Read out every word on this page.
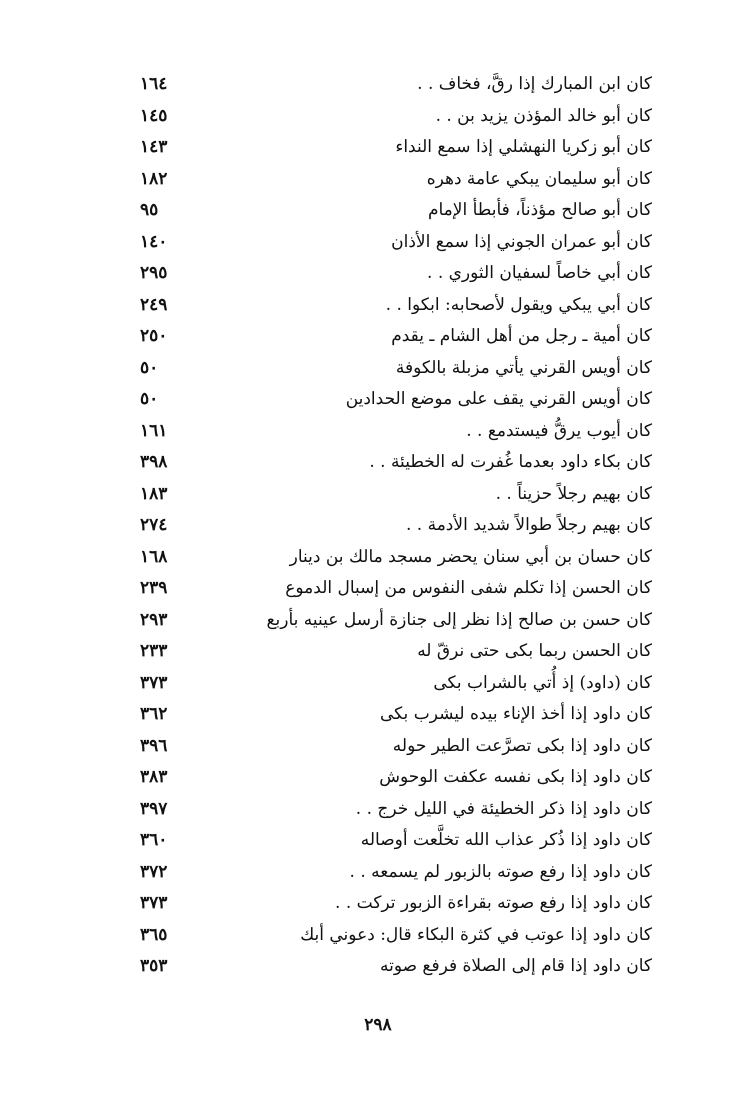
كان ابن المبارك إذا رقَّ، فخاف . .
١٦٤
كان أبو خالد المؤذن يزيد بن . .
١٤٥
كان أبو زكريا النهشلي إذا سمع النداء
١٤٣
كان أبو سليمان يبكي عامة دهره
١٨٢
كان أبو صالح مؤذناً، فأبطأ الإمام
٩٥
كان أبو عمران الجوني إذا سمع الأذان
١٤٠
كان أبي خاصاً لسفيان الثوري . .
٢٩٥
كان أبي يبكي ويقول لأصحابه: ابكوا . .
٢٤٩
كان أمية ـ رجل من أهل الشام ـ يقدم
٢٥٠
كان أويس القرني يأتي مزبلة بالكوفة
٥٠
كان أويس القرني يقف على موضع الحدادين
٥٠
كان أيوب يرقُّ فيستدمع . .
١٦١
كان بكاء داود بعدما غُفرت له الخطيئة . .
٣٩٨
كان بهيم رجلاً حزيناً . .
١٨٣
كان بهيم رجلاً طوالاً شديد الأدمة . .
٢٧٤
كان حسان بن أبي سنان يحضر مسجد مالك بن دينار
١٦٨
كان الحسن إذا تكلم شفى النفوس من إسبال الدموع
٢٣٩
كان حسن بن صالح إذا نظر إلى جنازة أرسل عينيه بأربع
٢٩٣
كان الحسن ربما بكى حتى نرقّ له
٢٣٣
كان (داود) إذ أُتي بالشراب بكى
٣٧٣
كان داود إذا أخذ الإناء بيده ليشرب بكى
٣٦٢
كان داود إذا بكى تصرَّعت الطير حوله
٣٩٦
كان داود إذا بكى نفسه عكفت الوحوش
٣٨٣
كان داود إذا ذكر الخطيئة في الليل خرج . .
٣٩٧
كان داود إذا ذُكر عذاب الله تخلَّعت أوصاله
٣٦٠
كان داود إذا رفع صوته بالزبور لم يسمعه . .
٣٧٢
كان داود إذا رفع صوته بقراءة الزبور تركت . .
٣٧٣
كان داود إذا عوتب في كثرة البكاء قال: دعوني أبك
٣٦٥
كان داود إذا قام إلى الصلاة فرفع صوته
٣٥٣
٢٩٨
